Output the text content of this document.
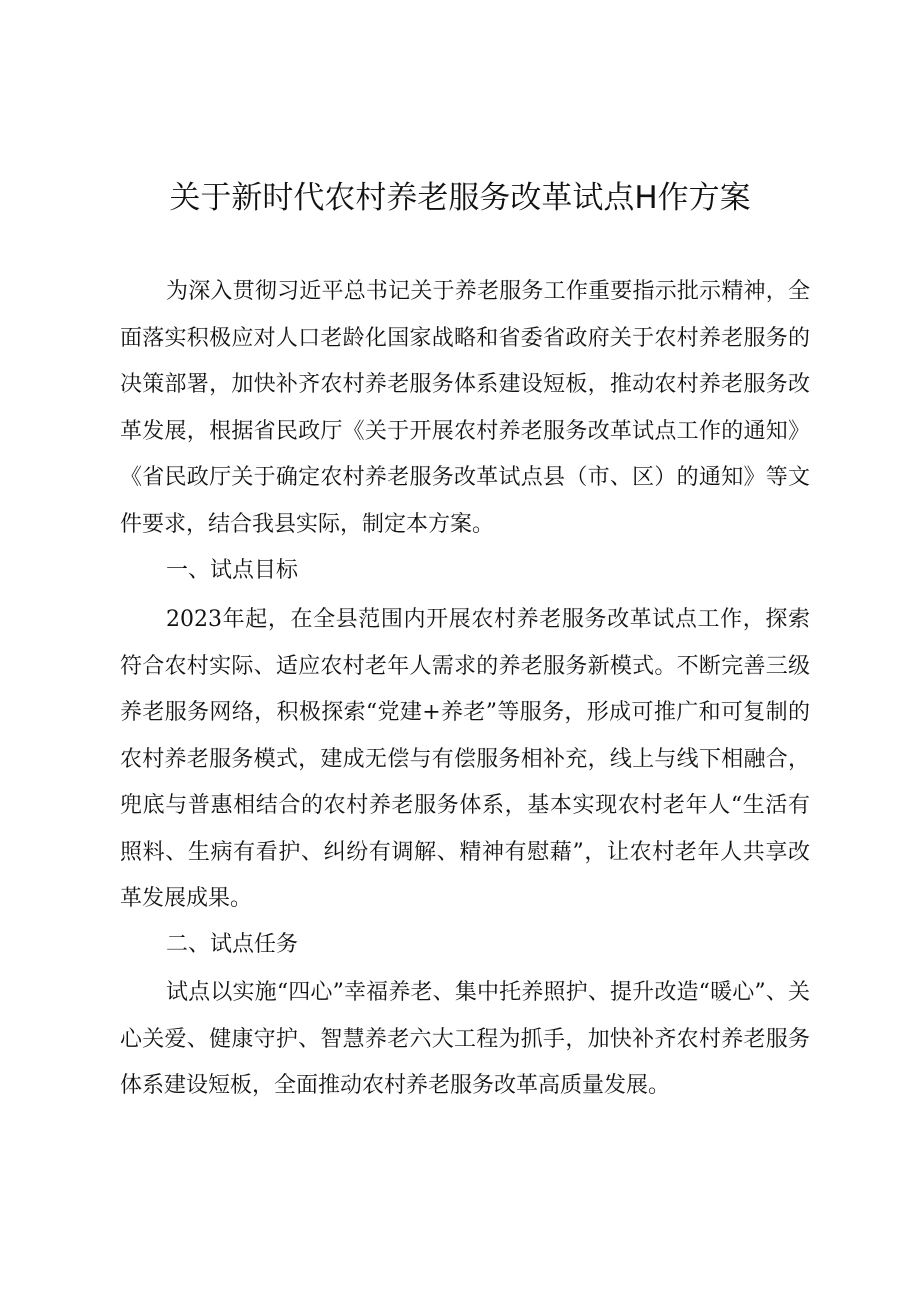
关于新时代农村养老服务改革试点H作方案

为深入贯彻习近平总书记关于养老服务工作重要指示批示精神，全面落实积极应对人口老龄化国家战略和省委省政府关于农村养老服务的决策部署，加快补齐农村养老服务体系建设短板，推动农村养老服务改革发展，根据省民政厅《关于开展农村养老服务改革试点工作的通知》《省民政厅关于确定农村养老服务改革试点县（市、区）的通知》等文件要求，结合我县实际，制定本方案。

一、试点目标

2023年起，在全县范围内开展农村养老服务改革试点工作，探索符合农村实际、适应农村老年人需求的养老服务新模式。不断完善三级养老服务网络，积极探索“党建+养老”等服务，形成可推广和可复制的农村养老服务模式，建成无偿与有偿服务相补充，线上与线下相融合，兜底与普惠相结合的农村养老服务体系，基本实现农村老年人“生活有照料、生病有看护、纠纷有调解、精神有慰藉”，让农村老年人共享改革发展成果。

二、试点任务

试点以实施“四心”幸福养老、集中托养照护、提升改造“暖心”、关心关爱、健康守护、智慧养老六大工程为抓手，加快补齐农村养老服务体系建设短板，全面推动农村养老服务改革高质量发展。
